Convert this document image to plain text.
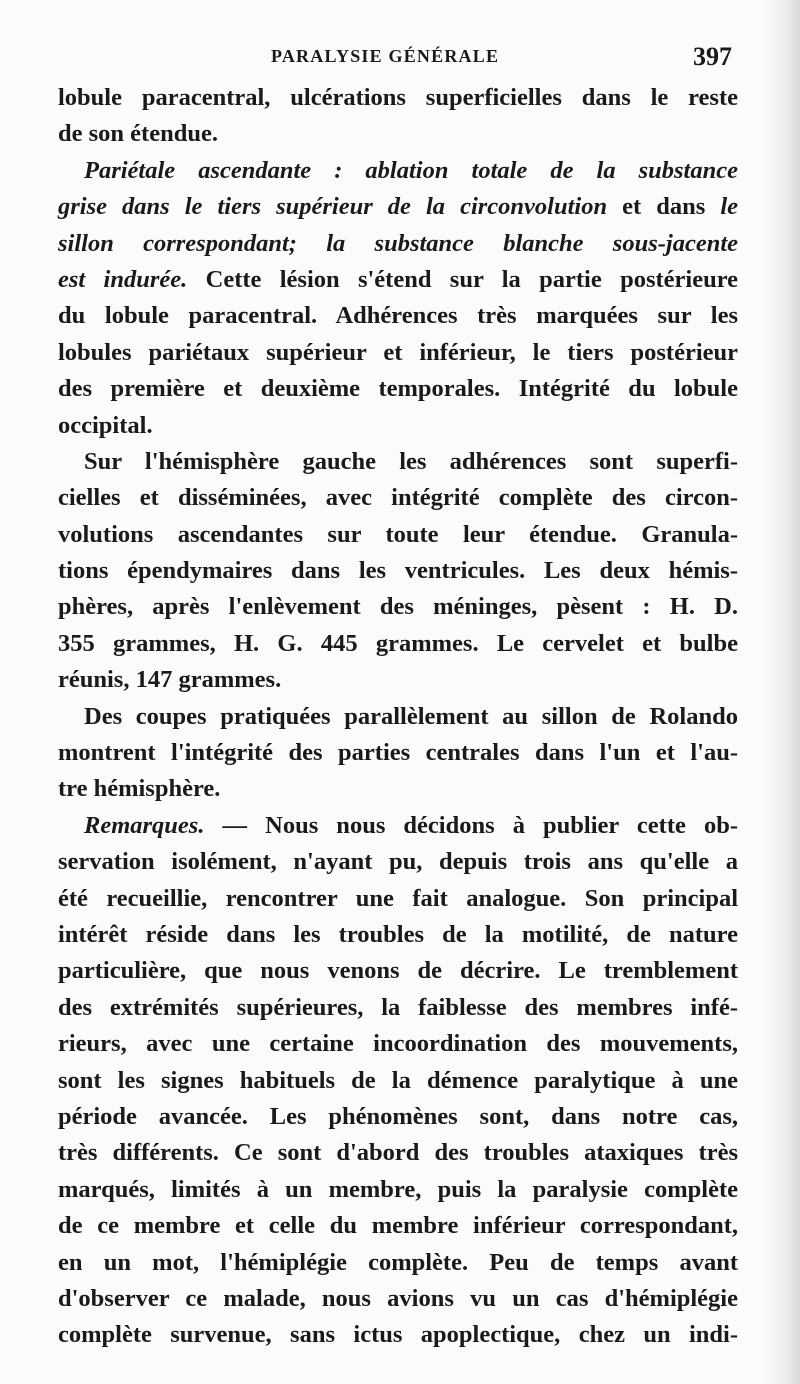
PARALYSIE GÉNÉRALE	397
lobule paracentral, ulcérations superficielles dans le reste
de son étendue.
Pariétale ascendante : ablation totale de la substance
grise dans le tiers supérieur de la circonvolution et dans le
sillon correspondant; la substance blanche sous-jacente
est indurée. Cette lésion s'étend sur la partie postérieure
du lobule paracentral. Adhérences très marquées sur les
lobules pariétaux supérieur et inférieur, le tiers postérieur
des première et deuxième temporales. Intégrité du lobule
occipital.
Sur l'hémisphère gauche les adhérences sont superfi-
cielles et disséminées, avec intégrité complète des circon-
volutions ascendantes sur toute leur étendue. Granula-
tions épendymaires dans les ventricules. Les deux hémis-
phères, après l'enlèvement des méninges, pèsent : H. D.
355 grammes, H. G. 445 grammes. Le cervelet et bulbe
réunis, 147 grammes.
Des coupes pratiquées parallèlement au sillon de Rolando
montrent l'intégrité des parties centrales dans l'un et l'au-
tre hémisphère.
Remarques. — Nous nous décidons à publier cette ob-
servation isolément, n'ayant pu, depuis trois ans qu'elle a
été recueillie, rencontrer une fait analogue. Son principal
intérêt réside dans les troubles de la motilité, de nature
particulière, que nous venons de décrire. Le tremblement
des extrémités supérieures, la faiblesse des membres infé-
rieurs, avec une certaine incoordination des mouvements,
sont les signes habituels de la démence paralytique à une
période avancée. Les phénomènes sont, dans notre cas,
très différents. Ce sont d'abord des troubles ataxiques très
marqués, limités à un membre, puis la paralysie complète
de ce membre et celle du membre inférieur correspondant,
en un mot, l'hémiplégie complète. Peu de temps avant
d'observer ce malade, nous avions vu un cas d'hémiplégie
complète survenue, sans ictus apoplectique, chez un indi-
